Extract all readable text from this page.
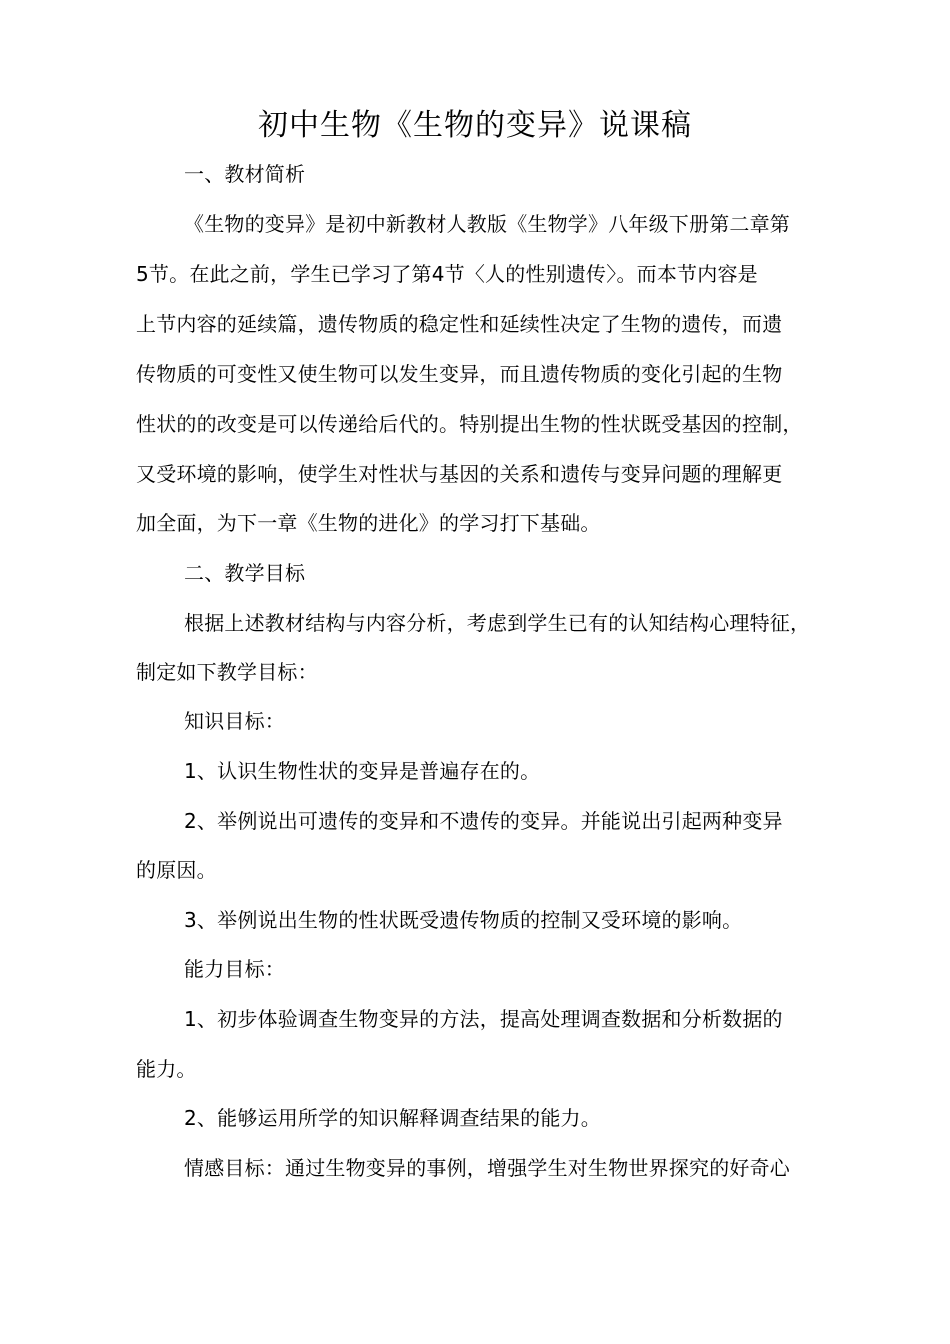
初中生物《生物的变异》说课稿
一、教材简析
《生物的变异》是初中新教材人教版《生物学》八年级下册第二章第
5节。在此之前，学生已学习了第4节〈人的性别遗传〉。而本节内容是
上节内容的延续篇，遗传物质的稳定性和延续性决定了生物的遗传，而遗
传物质的可变性又使生物可以发生变异，而且遗传物质的变化引起的生物
性状的的改变是可以传递给后代的。特别提出生物的性状既受基因的控制，
又受环境的影响，使学生对性状与基因的关系和遗传与变异问题的理解更
加全面，为下一章《生物的进化》的学习打下基础。
二、教学目标
根据上述教材结构与内容分析，考虑到学生已有的认知结构心理特征，
制定如下教学目标：
知识目标：
1、认识生物性状的变异是普遍存在的。
2、举例说出可遗传的变异和不遗传的变异。并能说出引起两种变异
的原因。
3、举例说出生物的性状既受遗传物质的控制又受环境的影响。
能力目标：
1、初步体验调查生物变异的方法，提高处理调查数据和分析数据的
能力。
2、能够运用所学的知识解释调查结果的能力。
情感目标：通过生物变异的事例，增强学生对生物世界探究的好奇心
